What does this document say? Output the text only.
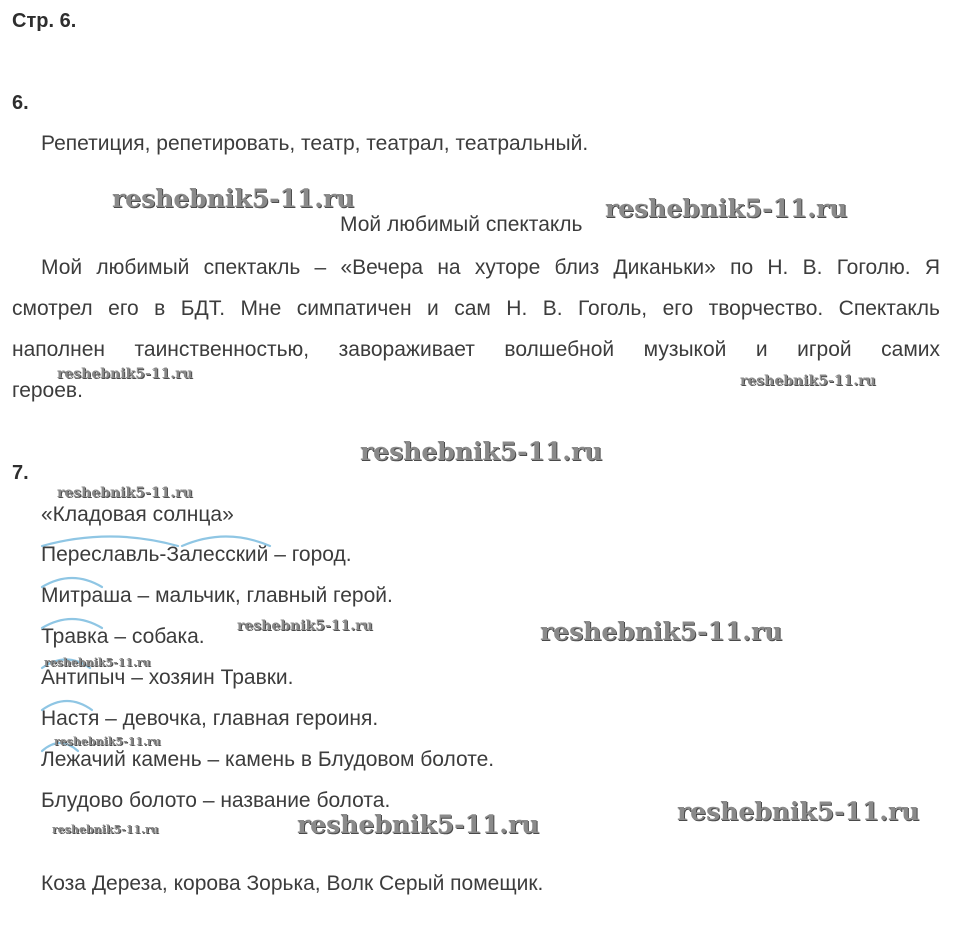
Стр. 6.
6.
Репетиция, репетировать, театр, театрал, театральный.
Мой любимый спектакль
Мой любимый спектакль – «Вечера на хуторе близ Диканьки» по Н. В. Гоголю. Я
смотрел его в БДТ. Мне симпатичен и сам Н. В. Гоголь, его творчество. Спектакль
наполнен таинственностью, завораживает волшебной музыкой и игрой самих
героев.
7.
«Кладовая солнца»
Переславль-Залесский – город.
Митраша – мальчик, главный герой.
Травка – собака.
Антипыч – хозяин Травки.
Настя – девочка, главная героиня.
Лежачий камень – камень в Блудовом болоте.
Блудово болото – название болота.
Коза Дереза, корова Зорька, Волк Серый помещик.
reshebnik5-11.ru	reshebnik5-11.ru
reshebnik5-11.ru	reshebnik5-11.ru
reshebnik5-11.ru
reshebnik5-11.ru
reshebnik5-11.ru	reshebnik5-11.ru
reshebnik5-11.ru
reshebnik5-11.ru
reshebnik5-11.ru	reshebnik5-11.ru	reshebnik5-11.ru
